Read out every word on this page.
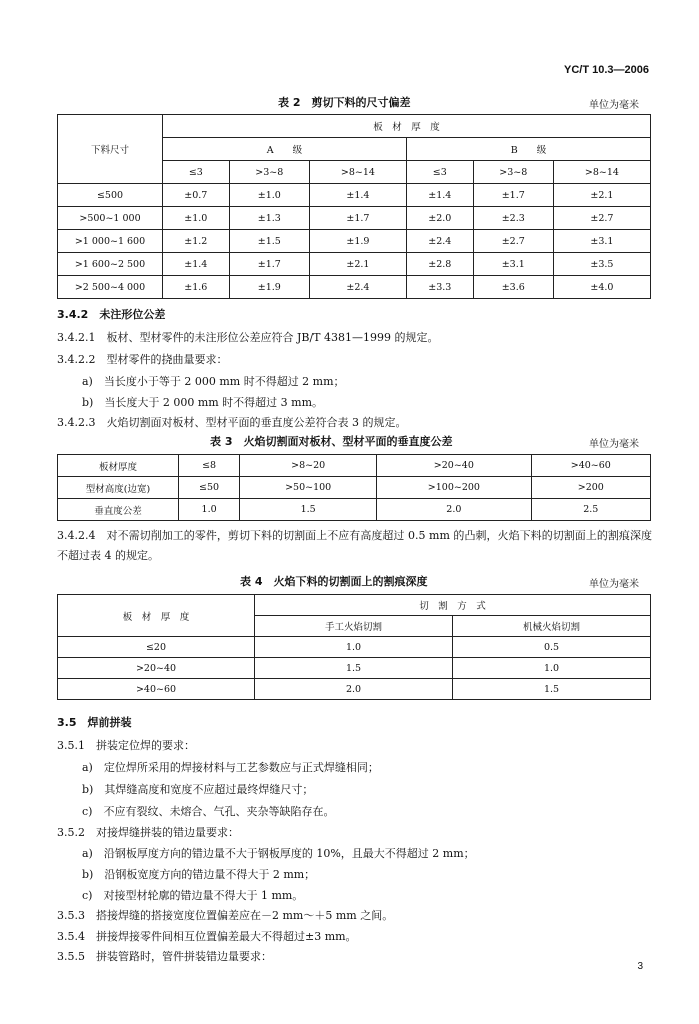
YC/T 10.3—2006
表 2　剪切下料的尺寸偏差	单位为毫米
下料尺寸	板　材　厚　度					
	A　　级			B　　级		
	≤3	>3~8	>8~14	≤3	>3~8	>8~14
≤500	±0.7	±1.0	±1.4	±1.4	±1.7	±2.1
>500~1 000	±1.0	±1.3	±1.7	±2.0	±2.3	±2.7
>1 000~1 600	±1.2	±1.5	±1.9	±2.4	±2.7	±3.1
>1 600~2 500	±1.4	±1.7	±2.1	±2.8	±3.1	±3.5
>2 500~4 000	±1.6	±1.9	±2.4	±3.3	±3.6	±4.0
3.4.2　未注形位公差
3.4.2.1　板材、型材零件的未注形位公差应符合 JB/T 4381—1999 的规定。
3.4.2.2　型材零件的挠曲量要求：
a)　当长度小于等于 2 000 mm 时不得超过 2 mm；
b)　当长度大于 2 000 mm 时不得超过 3 mm。
3.4.2.3　火焰切割面对板材、型材平面的垂直度公差符合表 3 的规定。
表 3　火焰切割面对板材、型材平面的垂直度公差	单位为毫米
板材厚度	≤8	>8~20	>20~40	>40~60
型材高度(边宽)	≤50	>50~100	>100~200	>200
垂直度公差	1.0	1.5	2.0	2.5
3.4.2.4　对不需切削加工的零件，剪切下料的切割面上不应有高度超过 0.5 mm 的凸刺，火焰下料的切割面上的割痕深度不超过表 4 的规定。
表 4　火焰下料的切割面上的割痕深度	单位为毫米
板　材　厚　度	切　割　方　式	
	手工火焰切割	机械火焰切割
≤20	1.0	0.5
>20~40	1.5	1.0
>40~60	2.0	1.5
3.5　焊前拼装
3.5.1　拼装定位焊的要求：
a)　定位焊所采用的焊接材料与工艺参数应与正式焊缝相同；
b)　其焊缝高度和宽度不应超过最终焊缝尺寸；
c)　不应有裂纹、未熔合、气孔、夹杂等缺陷存在。
3.5.2　对接焊缝拼装的错边量要求：
a)　沿钢板厚度方向的错边量不大于钢板厚度的 10%，且最大不得超过 2 mm；
b)　沿钢板宽度方向的错边量不得大于 2 mm；
c)　对接型材轮廓的错边量不得大于 1 mm。
3.5.3　搭接焊缝的搭接宽度位置偏差应在－2 mm～＋5 mm 之间。
3.5.4　拼接焊接零件间相互位置偏差最大不得超过±3 mm。
3.5.5　拼装管路时，管件拼装错边量要求：
3
